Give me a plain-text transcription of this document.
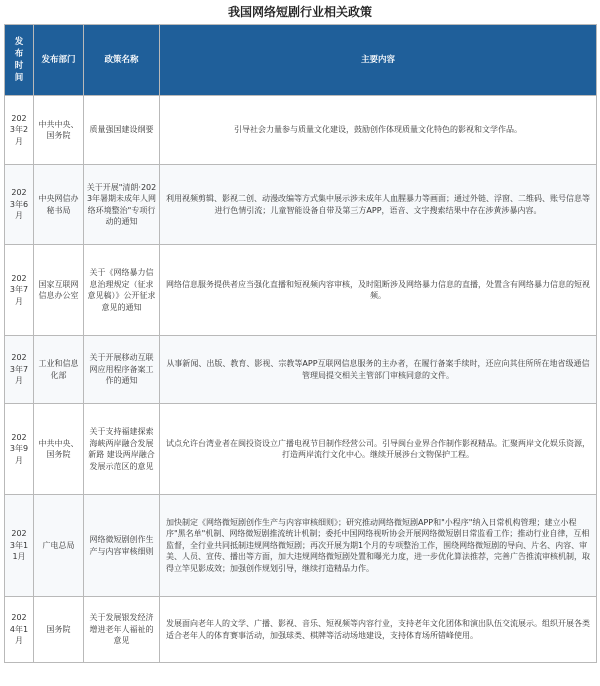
我国网络短剧行业相关政策
发布时间	发布部门	政策名称	主要内容
2023年2月	中共中央、国务院	质量强国建设纲要	引导社会力量参与质量文化建设，鼓励创作体现质量文化特色的影视和文学作品。
2023年6月	中央网信办秘书局	关于开展"清朗·2023年暑期未成年人网络环境整治"专项行动的通知	利用视频剪辑、影视二创、动漫改编等方式集中展示涉未成年人血腥暴力等画面；通过外链、浮窗、二维码、账号信息等进行色情引流；儿童智能设备自带及第三方APP，语音、文字搜索结果中存在涉黄涉暴内容。
2023年7月	国家互联网信息办公室	关于《网络暴力信息治理规定（征求意见稿）》公开征求意见的通知	网络信息服务提供者应当强化直播和短视频内容审核，及时阻断涉及网络暴力信息的直播，处置含有网络暴力信息的短视频。
2023年7月	工业和信息化部	关于开展移动互联网应用程序备案工作的通知	从事新闻、出版、教育、影视、宗教等APP互联网信息服务的主办者，在履行备案手续时，还应向其住所所在地省级通信管理局提交相关主管部门审核同意的文件。
2023年9月	中共中央、国务院	关于支持福建探索海峡两岸融合发展新路 建设两岸融合发展示范区的意见	试点允许台湾业者在闽投资设立广播电视节目制作经营公司。引导闽台业界合作制作影视精品。汇聚两岸文化娱乐资源，打造两岸流行文化中心。继续开展涉台文物保护工程。
2023年11月	广电总局	网络微短剧创作生产与内容审核细则	加快制定《网络微短剧创作生产与内容审核细则》；研究推动网络微短剧APP和"小程序"纳入日常机构管理；建立小程序"黑名单"机制、网络微短剧推流统计机制；委托中国网络视听协会开展网络微短剧日常监看工作；推动行业自律，互相监督，全行业共同抵制违规网络微短剧；再次开展为期1个月的专项整治工作，围绕网络微短剧的导向、片名、内容、审美、人员、宣传、播出等方面，加大违规网络微短剧处置和曝光力度，进一步优化算法推荐，完善广告推流审核机制，取得立竿见影成效；加强创作规划引导，继续打造精品力作。
2024年1月	国务院	关于发展银发经济增进老年人福祉的意见	发展面向老年人的文学、广播、影视、音乐、短视频等内容行业，支持老年文化团体和演出队伍交流展示。组织开展各类适合老年人的体育赛事活动，加强球类、棋牌等活动场地建设，支持体育场所错峰使用。
